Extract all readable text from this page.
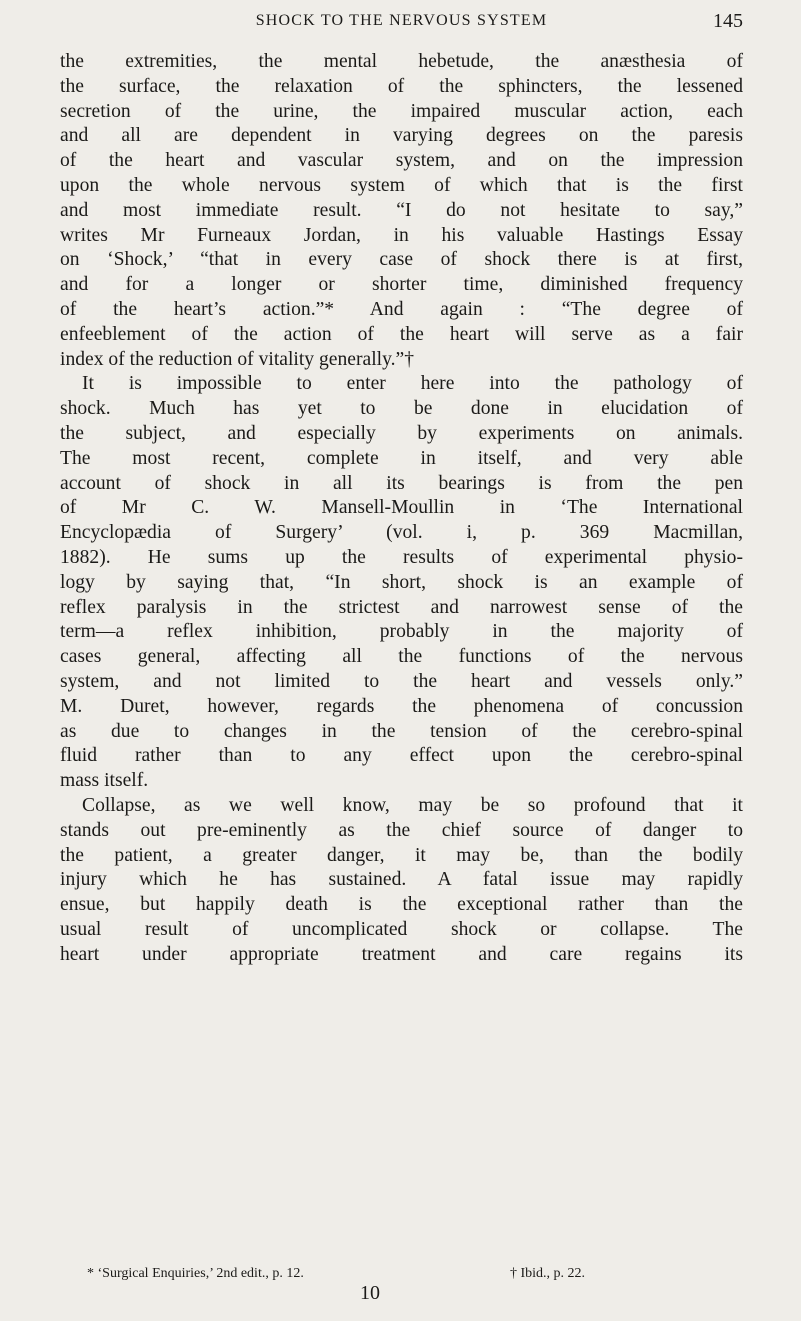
SHOCK TO THE NERVOUS SYSTEM	145
the extremities, the mental hebetude, the anæsthesia of
the surface, the relaxation of the sphincters, the lessened
secretion of the urine, the impaired muscular action, each
and all are dependent in varying degrees on the paresis
of the heart and vascular system, and on the impression
upon the whole nervous system of which that is the first
and most immediate result. “I do not hesitate to say,”
writes Mr Furneaux Jordan, in his valuable Hastings Essay
on ‘Shock,’ “that in every case of shock there is at first,
and for a longer or shorter time, diminished frequency
of the heart’s action.”* And again : “The degree of
enfeeblement of the action of the heart will serve as a fair
index of the reduction of vitality generally.”†
It is impossible to enter here into the pathology of
shock. Much has yet to be done in elucidation of
the subject, and especially by experiments on animals.
The most recent, complete in itself, and very able
account of shock in all its bearings is from the pen
of Mr C. W. Mansell-Moullin in ‘The International
Encyclopædia of Surgery’ (vol. i, p. 369 Macmillan,
1882). He sums up the results of experimental physio-
logy by saying that, “In short, shock is an example of
reflex paralysis in the strictest and narrowest sense of the
term—a reflex inhibition, probably in the majority of
cases general, affecting all the functions of the nervous
system, and not limited to the heart and vessels only.”
M. Duret, however, regards the phenomena of concussion
as due to changes in the tension of the cerebro-spinal
fluid rather than to any effect upon the cerebro-spinal
mass itself.
Collapse, as we well know, may be so profound that it
stands out pre-eminently as the chief source of danger to
the patient, a greater danger, it may be, than the bodily
injury which he has sustained. A fatal issue may rapidly
ensue, but happily death is the exceptional rather than the
usual result of uncomplicated shock or collapse. The
heart under appropriate treatment and care regains its
* ‘Surgical Enquiries,’ 2nd edit., p. 12.	† Ibid., p. 22.
10
